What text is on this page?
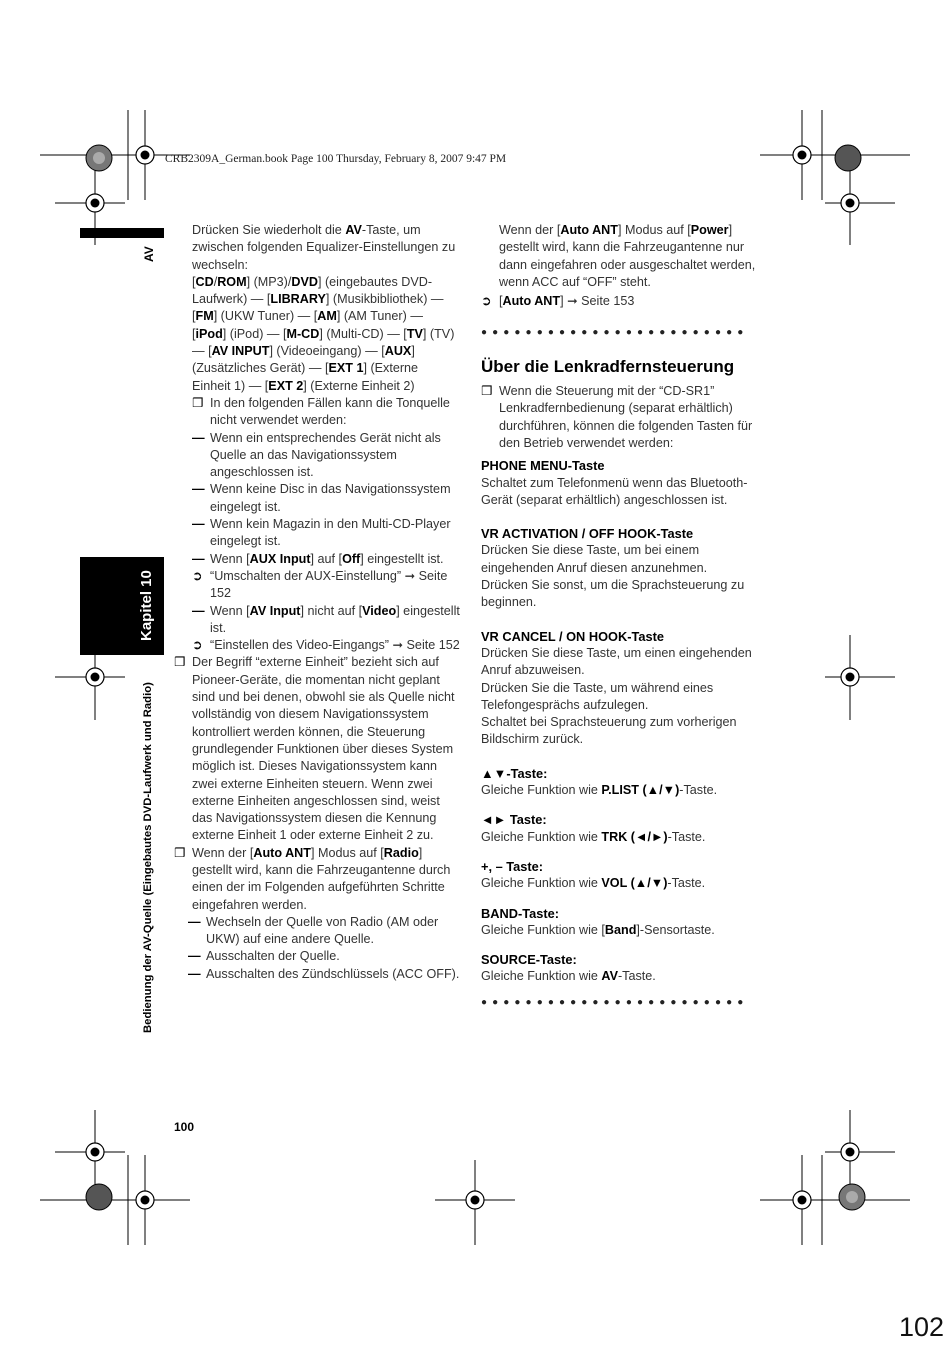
CRB2309A_German.book Page 100 Thursday, February 8, 2007 9:47 PM
AV
Kapitel 10
Bedienung der AV-Quelle (Eingebautes DVD-Laufwerk und Radio)

Drücken Sie wiederholt die AV-Taste, um zwischen folgenden Equalizer-Einstellungen zu wechseln:

[CD/ROM] (MP3)/DVD] (eingebautes DVD-Laufwerk) — [LIBRARY] (Musikbibliothek) — [FM] (UKW Tuner) — [AM] (AM Tuner) — [iPod] (iPod) — [M-CD] (Multi-CD) — [TV] (TV) — [AV INPUT] (Videoeingang) — [AUX] (Zusätzliches Gerät) — [EXT 1] (Externe Einheit 1) — [EXT 2] (Externe Einheit 2)

❒ In den folgenden Fällen kann die Tonquelle nicht verwendet werden:

— Wenn ein entsprechendes Gerät nicht als Quelle an das Navigationssystem angeschlossen ist.

— Wenn keine Disc in das Navigationssystem eingelegt ist.

— Wenn kein Magazin in den Multi-CD-Player eingelegt ist.

— Wenn [AUX Input] auf [Off] eingestellt ist.

➲ “Umschalten der AUX-Einstellung” ➞ Seite 152

— Wenn [AV Input] nicht auf [Video] eingestellt ist.

➲ “Einstellen des Video-Eingangs” ➞ Seite 152

❒ Der Begriff “externe Einheit” bezieht sich auf Pioneer-Geräte, die momentan nicht geplant sind und bei denen, obwohl sie als Quelle nicht vollständig von diesem Navigationssystem kontrolliert werden können, die Steuerung grundlegender Funktionen über dieses System möglich ist. Dieses Navigationssystem kann zwei externe Einheiten steuern. Wenn zwei externe Einheiten angeschlossen sind, weist das Navigationssystem diesen die Kennung externe Einheit 1 oder externe Einheit 2 zu.

❒ Wenn der [Auto ANT] Modus auf [Radio] gestellt wird, kann die Fahrzeugantenne durch einen der im Folgenden aufgeführten Schritte eingefahren werden.

— Wechseln der Quelle von Radio (AM oder UKW) auf eine andere Quelle.

— Ausschalten der Quelle.

— Ausschalten des Zündschlüssels (ACC OFF).

100

Wenn der [Auto ANT] Modus auf [Power] gestellt wird, kann die Fahrzeugantenne nur dann eingefahren oder ausgeschaltet werden, wenn ACC auf “OFF” steht.

➲ [Auto ANT] ➞ Seite 153

●●●●●●●●●●●●●●●●●●●●●●●●
Über die Lenkradfernsteuerung

❒ Wenn die Steuerung mit der “CD-SR1” Lenkradfernbedienung (separat erhältlich) durchführen, können die folgenden Tasten für den Betrieb verwendet werden:

PHONE MENU-Taste

Schaltet zum Telefonmenü wenn das Bluetooth-Gerät (separat erhältlich) angeschlossen ist.

VR ACTIVATION / OFF HOOK-Taste

Drücken Sie diese Taste, um bei einem eingehenden Anruf diesen anzunehmen.

Drücken Sie sonst, um die Sprachsteuerung zu beginnen.

VR CANCEL / ON HOOK-Taste

Drücken Sie diese Taste, um einen eingehenden Anruf abzuweisen.

Drücken Sie die Taste, um während eines Telefongesprächs aufzulegen.

Schaltet bei Sprachsteuerung zum vorherigen Bildschirm zurück.

▲▼-Taste:

Gleiche Funktion wie P.LIST (▲/▼)-Taste.

◄► Taste:

Gleiche Funktion wie TRK (◄/►)-Taste.

+, – Taste:

Gleiche Funktion wie VOL (▲/▼)-Taste.

BAND-Taste:

Gleiche Funktion wie [Band]-Sensortaste.

SOURCE-Taste:

Gleiche Funktion wie AV-Taste.

●●●●●●●●●●●●●●●●●●●●●●●●
102
